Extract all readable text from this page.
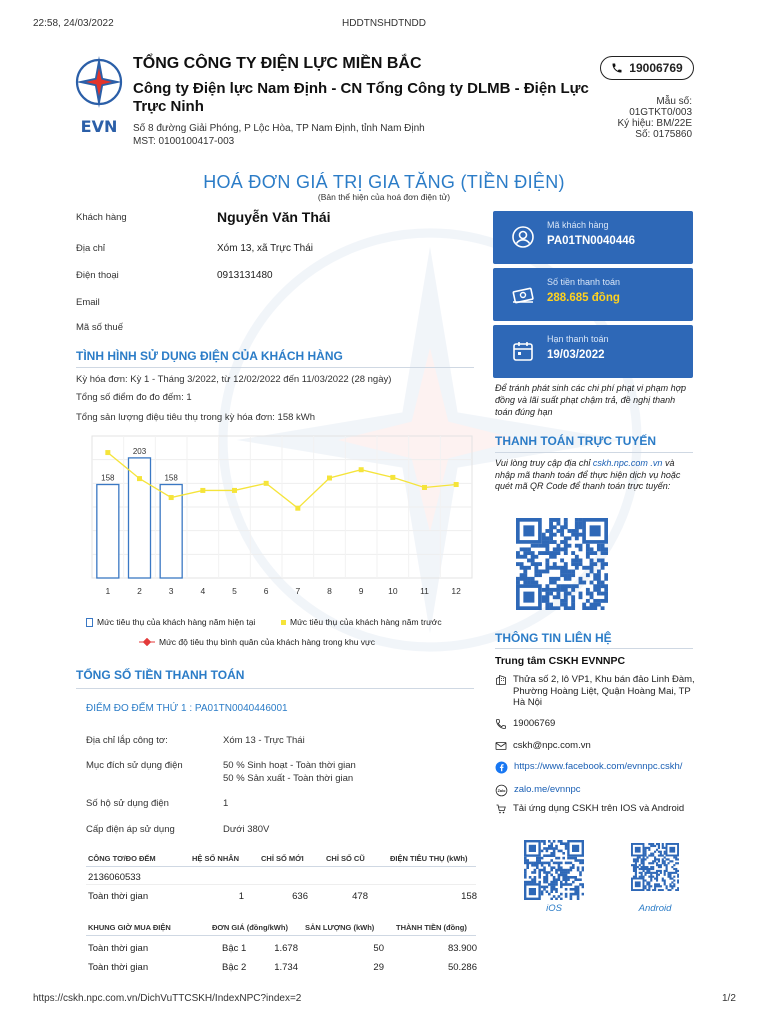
22:58, 24/03/2022	HDDTNSHDTNDD
EVN
TỔNG CÔNG TY ĐIỆN LỰC MIỀN BẮC
Công ty Điện lực Nam Định - CN Tổng Công ty DLMB - Điện Lực
Trực Ninh
Số 8 đường Giải Phóng, P Lộc Hòa, TP Nam Định, tỉnh Nam Định
MST: 0100100417-003
19006769
Mẫu số:
01GTKT0/003
Ký hiệu: BM/22E
Số: 0175860
HOÁ ĐƠN GIÁ TRỊ GIA TĂNG (TIỀN ĐIỆN)
(Bản thể hiện của hoá đơn điện tử)
Khách hàng	Nguyễn Văn Thái
Địa chỉ	Xóm 13, xã Trực Thái
Điện thoại	0913131480
Email
Mã số thuế
Mã khách hàng
PA01TN0040446
Số tiền thanh toán
288.685 đồng
Hạn thanh toán
19/03/2022
Để tránh phát sinh các chi phí phạt vi phạm hợp đồng và lãi suất phạt chậm trả, đề nghị thanh toán đúng hạn
TÌNH HÌNH SỬ DỤNG ĐIỆN CỦA KHÁCH HÀNG
Kỳ hóa đơn: Kỳ 1 - Tháng 3/2022, từ 12/02/2022 đến 11/03/2022 (28 ngày)
Tổng số điểm đo đo đếm: 1
Tổng sản lượng điệu tiêu thụ trong kỳ hóa đơn: 158 kWh
158
203
158
1	2	3	4	5	6	7	8	9	10	11	12
Mức tiêu thụ của khách hàng năm hiện tại	Mức tiêu thụ của khách hàng năm trước
Mức độ tiêu thụ bình quân của khách hàng trong khu vực
TỔNG SỐ TIỀN THANH TOÁN
ĐIỂM ĐO ĐẾM THỨ 1 : PA01TN0040446001
Địa chỉ lắp công tơ:	Xóm 13 - Trực Thái
Mục đích sử dụng điện	50 % Sinh hoạt - Toàn thời gian
50 % Sản xuất - Toàn thời gian
Số hộ sử dụng điện	1
Cấp điện áp sử dụng	Dưới 380V
CÔNG TƠ/ĐO ĐẾM	HỆ SỐ NHÂN	CHỈ SỐ MỚI	CHỈ SỐ CŨ	ĐIỆN TIÊU THỤ (kWh)
2136060533
Toàn thời gian	1	636	478	158
KHUNG GIỜ MUA ĐIỆN	ĐƠN GIÁ (đồng/kWh) SẢN LƯỢNG (kWh)	THÀNH TIỀN (đồng)
Toàn thời gian	Bậc 1	1.678	50	83.900
Toàn thời gian	Bậc 2	1.734	29	50.286
THANH TOÁN TRỰC TUYẾN
Vui lòng truy cập địa chỉ cskh.npc.com .vn và nhập mã thanh toán để thực hiện dịch vụ hoặc quét mã QR Code để thanh toán trực tuyến:
THÔNG TIN LIÊN HỆ
Trung tâm CSKH EVNNPC
Thửa số 2, lô VP1, Khu bán đảo Linh Đàm, Phường Hoàng Liệt, Quận Hoàng Mai, TP Hà Nội
19006769
cskh@npc.com.vn
https://www.facebook.com/evnnpc.cskh/
Zalo zalo.me/evnnpc
Tải ứng dụng CSKH trên IOS và Android
iOS	Android
https://cskh.npc.com.vn/DichVuTTCSKH/IndexNPC?index=2	1/2
